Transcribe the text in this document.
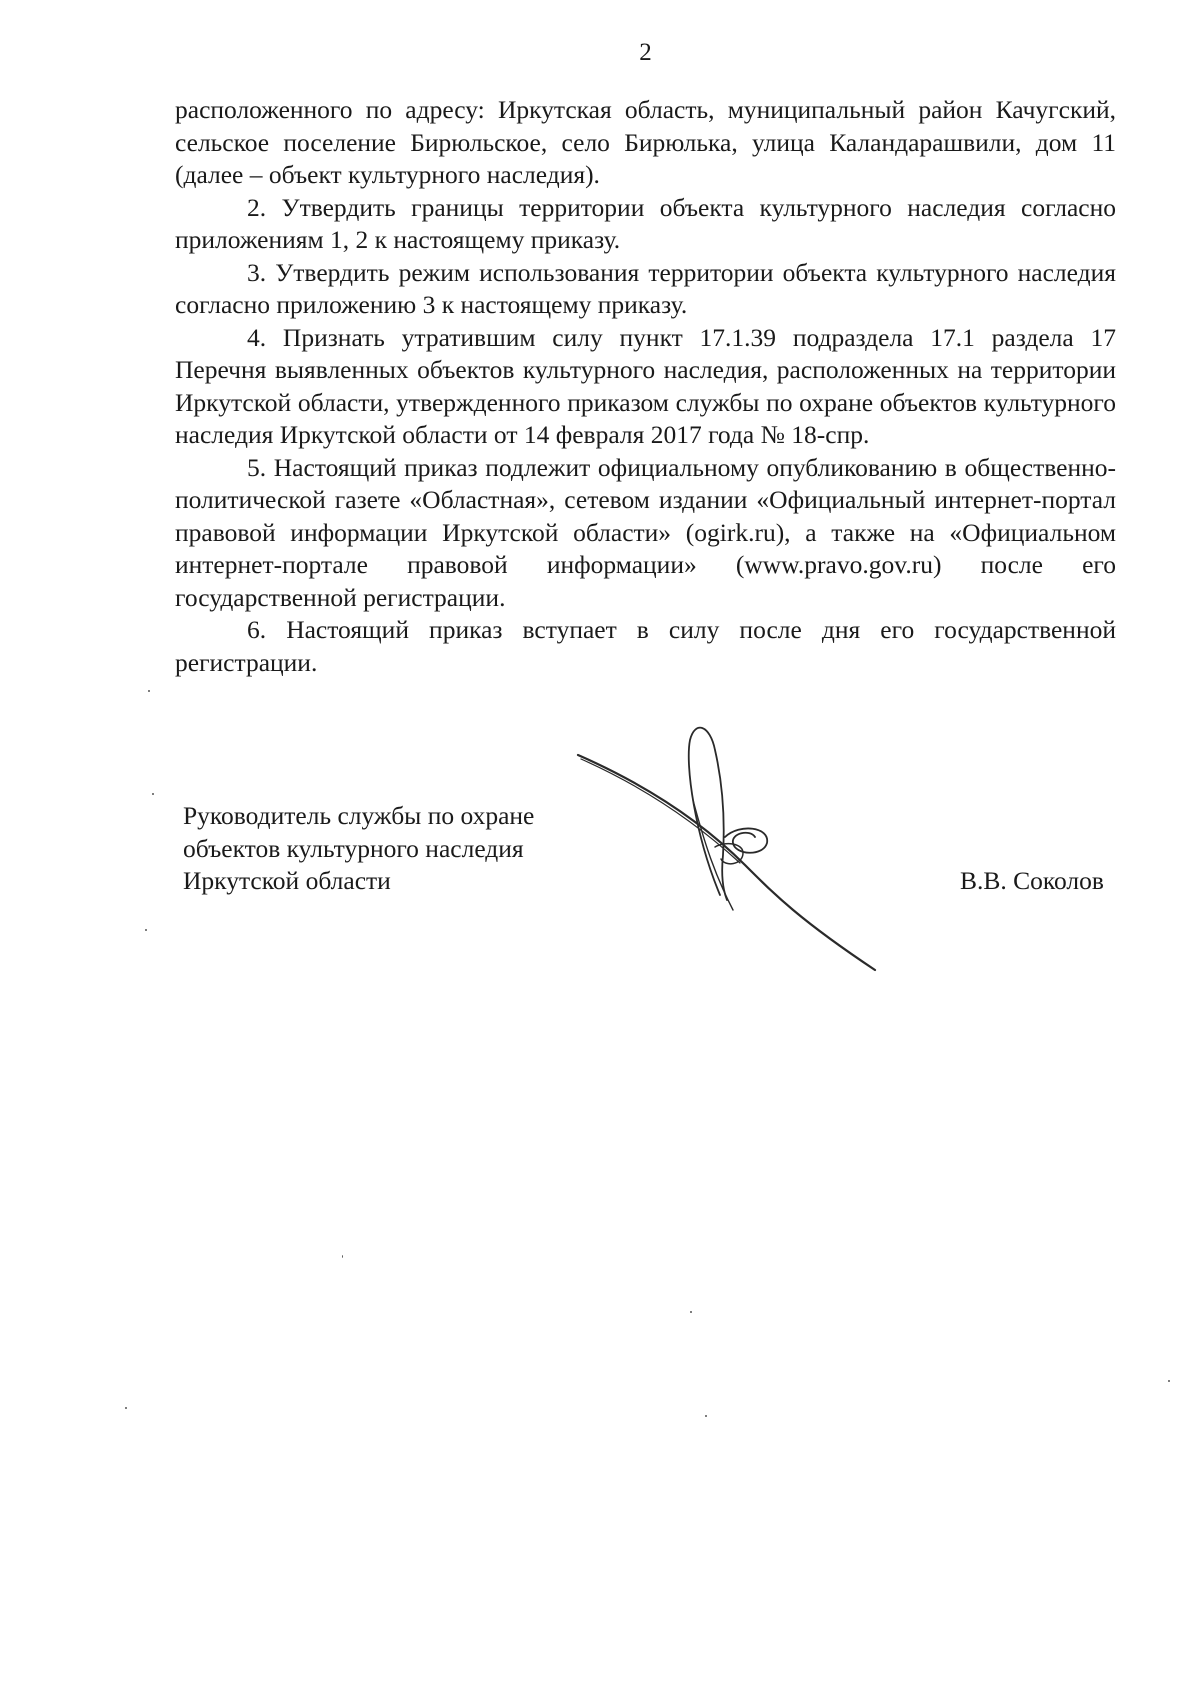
2

расположенного по адресу: Иркутская область, муниципальный район Качугский, сельское поселение Бирюльское, село Бирюлька, улица Каландарашвили, дом 11 (далее – объект культурного наследия).

2. Утвердить границы территории объекта культурного наследия согласно приложениям 1, 2 к настоящему приказу.

3. Утвердить режим использования территории объекта культурного наследия согласно приложению 3 к настоящему приказу.

4. Признать утратившим силу пункт 17.1.39 подраздела 17.1 раздела 17 Перечня выявленных объектов культурного наследия, расположенных на территории Иркутской области, утвержденного приказом службы по охране объектов культурного наследия Иркутской области от 14 февраля 2017 года № 18-спр.

5. Настоящий приказ подлежит официальному опубликованию в общественно-политической газете «Областная», сетевом издании «Официальный интернет-портал правовой информации Иркутской области» (ogirk.ru), а также на «Официальном интернет-портале правовой информации» (www.pravo.gov.ru) после его государственной регистрации.

6. Настоящий приказ вступает в силу после дня его государственной регистрации.

Руководитель службы по охране
объектов культурного наследия
Иркутской области	В.В. Соколов
